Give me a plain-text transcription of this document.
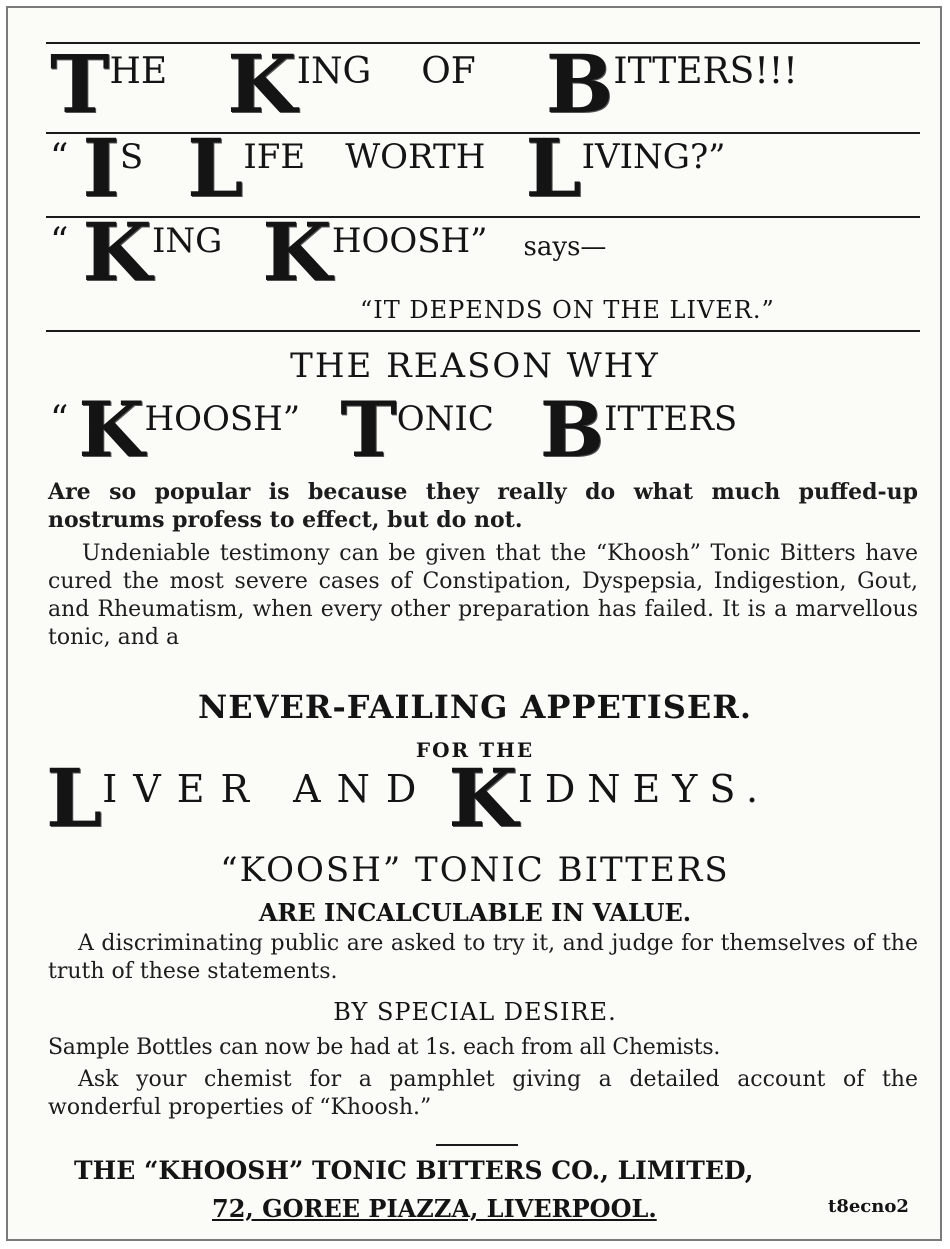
T HE K ING OF B ITTERS!!!
“ I S L IFE WORTH L IVING?”
“ K ING K HOOSH” says—
“IT DEPENDS ON THE LIVER.”
THE REASON WHY
“ K HOOSH” T ONIC B ITTERS
Are so popular is because they really do what much puffed-up nostrums profess to effect, but do not.
Undeniable testimony can be given that the “Khoosh” Tonic Bitters have cured the most severe cases of Constipation, Dyspepsia, Indigestion, Gout, and Rheumatism, when every other preparation has failed. It is a marvellous tonic, and a
NEVER-FAILING APPETISER.
FOR THE
L IVER AND K IDNEYS.
“KOOSH” TONIC BITTERS
ARE INCALCULABLE IN VALUE.
A discriminating public are asked to try it, and judge for themselves of the truth of these statements.
BY SPECIAL DESIRE.
Sample Bottles can now be had at 1s. each from all Chemists.
Ask your chemist for a pamphlet giving a detailed account of the wonderful properties of “Khoosh.”
THE “KHOOSH” TONIC BITTERS CO., LIMITED,
72, GOREE PIAZZA, LIVERPOOL.	t8ecno2
